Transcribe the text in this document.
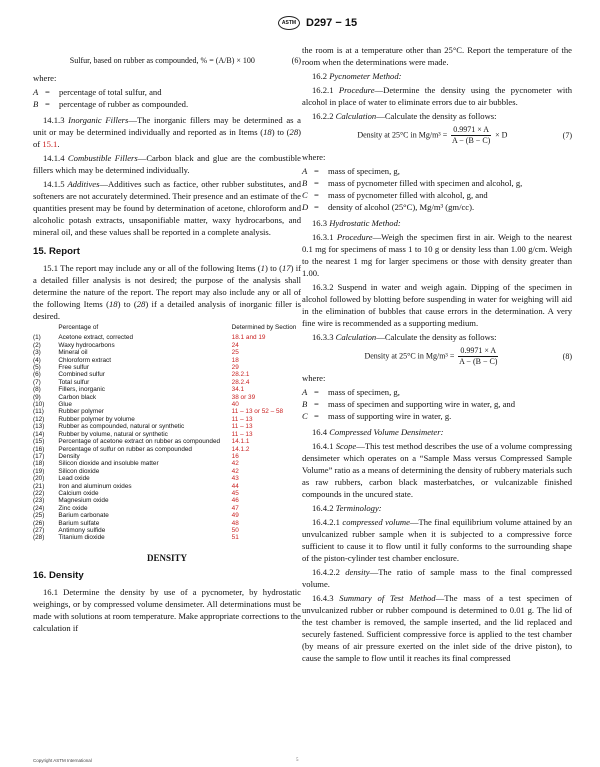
ASTM D297 − 15
Sulfur, based on rubber as compounded, % = (A/B) × 100	(6)

where:

A =	percentage of total sulfur, and
B =	percentage of rubber as compounded.

14.1.3 Inorganic Fillers—The inorganic fillers may be determined as a unit or may be determined individually and reported as in Items (18) to (28) of 15.1.

14.1.4 Combustible Fillers—Carbon black and glue are the combustible fillers which may be determined individually.

14.1.5 Additives—Additives such as factice, other rubber substitutes, and softeners are not accurately determined. Their presence and an estimate of the quantities present may be found by determination of acetone, chloroform and alcoholic potash extracts, unsaponifiable matter, waxy hydrocarbons, and mineral oil, and these values shall be reported in a complete analysis.

15. Report

15.1 The report may include any or all of the following Items (1) to (17) if a detailed filler analysis is not desired; the purpose of the analysis shall determine the nature of the report. The report may also include any or all of the following Items (18) to (28) if a detailed analysis of inorganic filler is desired.

	Percentage of	Determined by Section
(1)	Acetone extract, corrected	18.1 and 19
(2)	Waxy hydrocarbons	24
(3)	Mineral oil	25
(4)	Chloroform extract	18
(5)	Free sulfur	29
(6)	Combined sulfur	28.2.1
(7)	Total sulfur	28.2.4
(8)	Fillers, inorganic	34.1
(9)	Carbon black	38 or 39
(10)	Glue	40
(11)	Rubber polymer	11 – 13 or 52 – 58
(12)	Rubber polymer by volume	11 – 13
(13)	Rubber as compounded, natural or synthetic	11 – 13
(14)	Rubber by volume, natural or synthetic	11 – 13
(15)	Percentage of acetone extract on rubber as compounded	14.1.1
(16)	Percentage of sulfur on rubber as compounded	14.1.2
(17)	Density	16
(18)	Silicon dioxide and insoluble matter	42
(19)	Silicon dioxide	42
(20)	Lead oxide	43
(21)	Iron and aluminum oxides	44
(22)	Calcium oxide	45
(23)	Magnesium oxide	46
(24)	Zinc oxide	47
(25)	Barium carbonate	49
(26)	Barium sulfate	48
(27)	Antimony sulfide	50
(28)	Titanium dioxide	51
DENSITY
16. Density

16.1 Determine the density by use of a pycnometer, by hydrostatic weighings, or by compressed volume densimeter. All determinations must be made with solutions at room temperature. Make appropriate corrections to the calculation if

the room is at a temperature other than 25°C. Report the temperature of the room when the determinations were made.

16.2 Pycnometer Method:

16.2.1 Procedure—Determine the density using the pycnometer with alcohol in place of water to eliminate errors due to air bubbles.

16.2.2 Calculation—Calculate the density as follows:

Density at 25°C in $Mg/m^3 = \frac{0.9971 \times A}{A - (B - C)} \times D$	(7)

where:

A =	mass of specimen, g,
B =	mass of pycnometer filled with specimen and alcohol, g,
C =	mass of pycnometer filled with alcohol, g, and
D =	density of alcohol (25°C), Mg/m³ (gm/cc).

16.3 Hydrostatic Method:

16.3.1 Procedure—Weigh the specimen first in air. Weigh to the nearest 0.1 mg for specimens of mass 1 to 10 g or density less than 1.00 g/cm. Weigh to the nearest 1 mg for larger specimens or those with density greater than 1.00.

16.3.2 Suspend in water and weigh again. Dipping of the specimen in alcohol followed by blotting before suspending in water for weighing will aid in the elimination of bubbles that cause errors in the determination. A very fine wire is recommended as a supporting medium.

16.3.3 Calculation—Calculate the density as follows:

Density at 25°C in $Mg/m^3 = \frac{0.9971 \times A}{A - (B - C)}$	(8)

where:

A =	mass of specimen, g,
B =	mass of specimen and supporting wire in water, g, and
C =	mass of supporting wire in water, g.

16.4 Compressed Volume Densimeter:

16.4.1 Scope—This test method describes the use of a volume compressing densimeter which operates on a “Sample Mass versus Compressed Sample Volume” ratio as a means of determining the density of rubbery materials such as raw rubbers, carbon black masterbatches, or vulcanizable finished compounds in the uncured state.

16.4.2 Terminology:

16.4.2.1 compressed volume—The final equilibrium volume attained by an unvulcanized rubber sample when it is subjected to a compressive force sufficient to cause it to flow until it fully conforms to the surrounding shape of the piston-cylinder test chamber enclosure.

16.4.2.2 density—The ratio of sample mass to the final compressed volume.

16.4.3 Summary of Test Method—The mass of a test specimen of unvulcanized rubber or rubber compound is determined to 0.01 g. The lid of the test chamber is removed, the sample inserted, and the lid replaced and securely fastened. Sufficient compressive force is applied to the test chamber (by means of air pressure exerted on the inlet side of the drive piston), to cause the sample to flow until it reaches its final compressed

Copyright ASTM International	5
